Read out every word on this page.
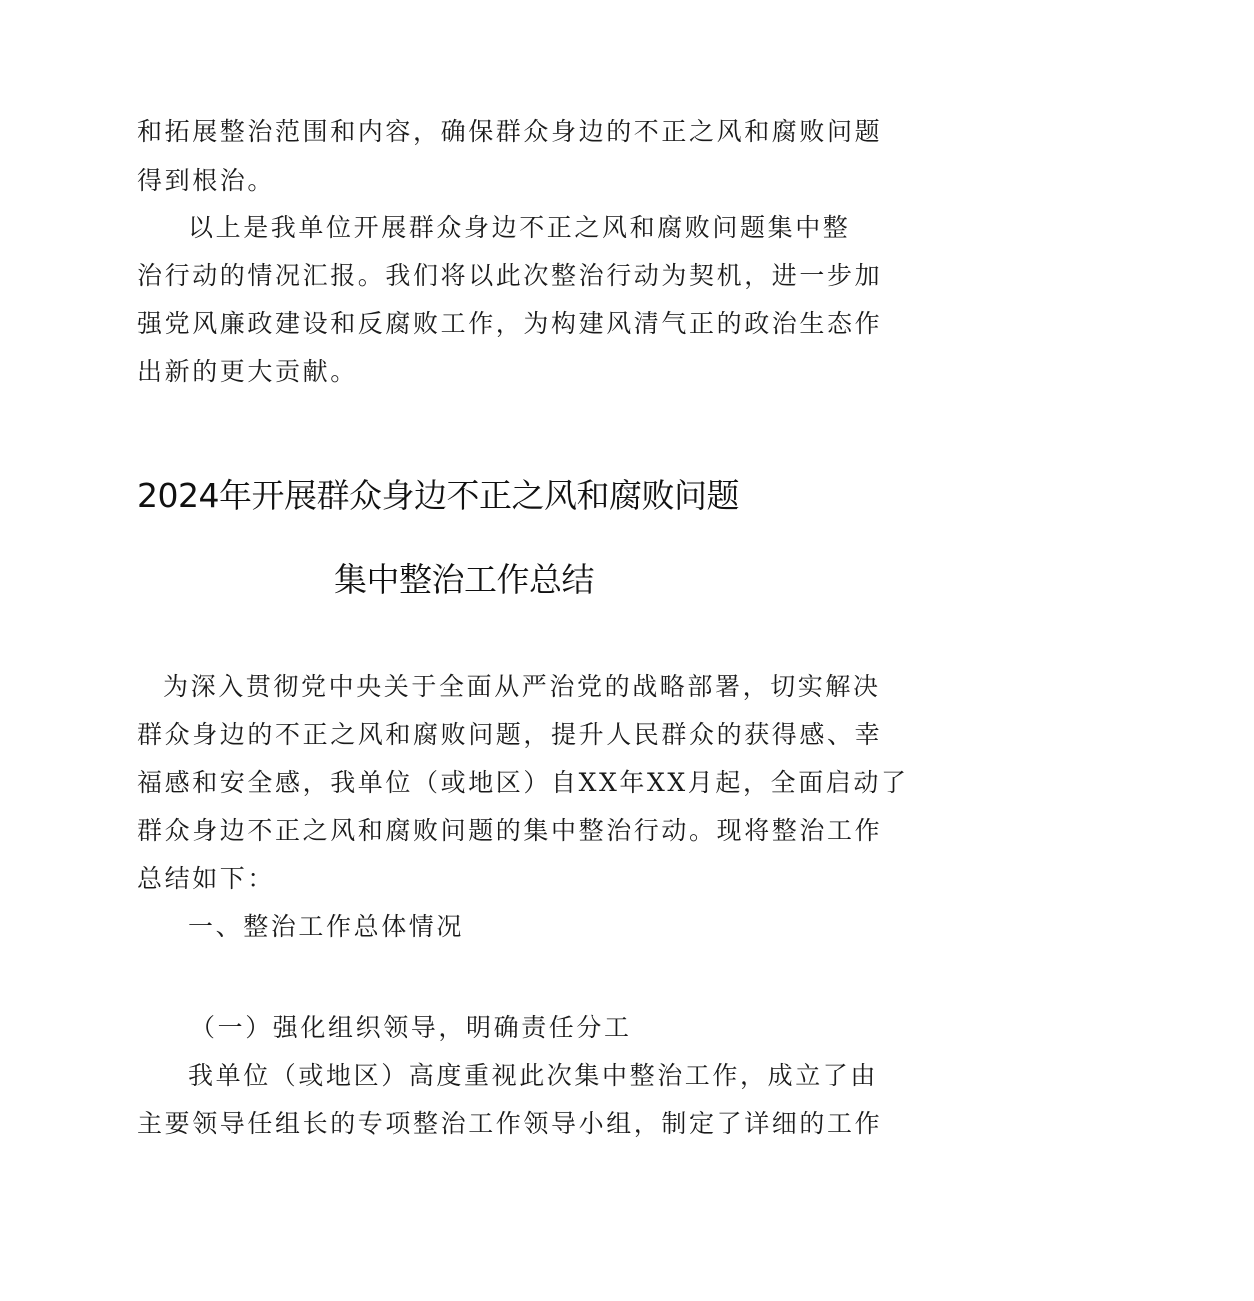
和拓展整治范围和内容，确保群众身边的不正之风和腐败问题
得到根治。
以上是我单位开展群众身边不正之风和腐败问题集中整
治行动的情况汇报。我们将以此次整治行动为契机，进一步加
强党风廉政建设和反腐败工作，为构建风清气正的政治生态作
出新的更大贡献。
2024年开展群众身边不正之风和腐败问题
集中整治工作总结
为深入贯彻党中央关于全面从严治党的战略部署，切实解决
群众身边的不正之风和腐败问题，提升人民群众的获得感、幸
福感和安全感，我单位（或地区）自XX年XX月起，全面启动了
群众身边不正之风和腐败问题的集中整治行动。现将整治工作
总结如下：
一、整治工作总体情况
（一）强化组织领导，明确责任分工
我单位（或地区）高度重视此次集中整治工作，成立了由
主要领导任组长的专项整治工作领导小组，制定了详细的工作
